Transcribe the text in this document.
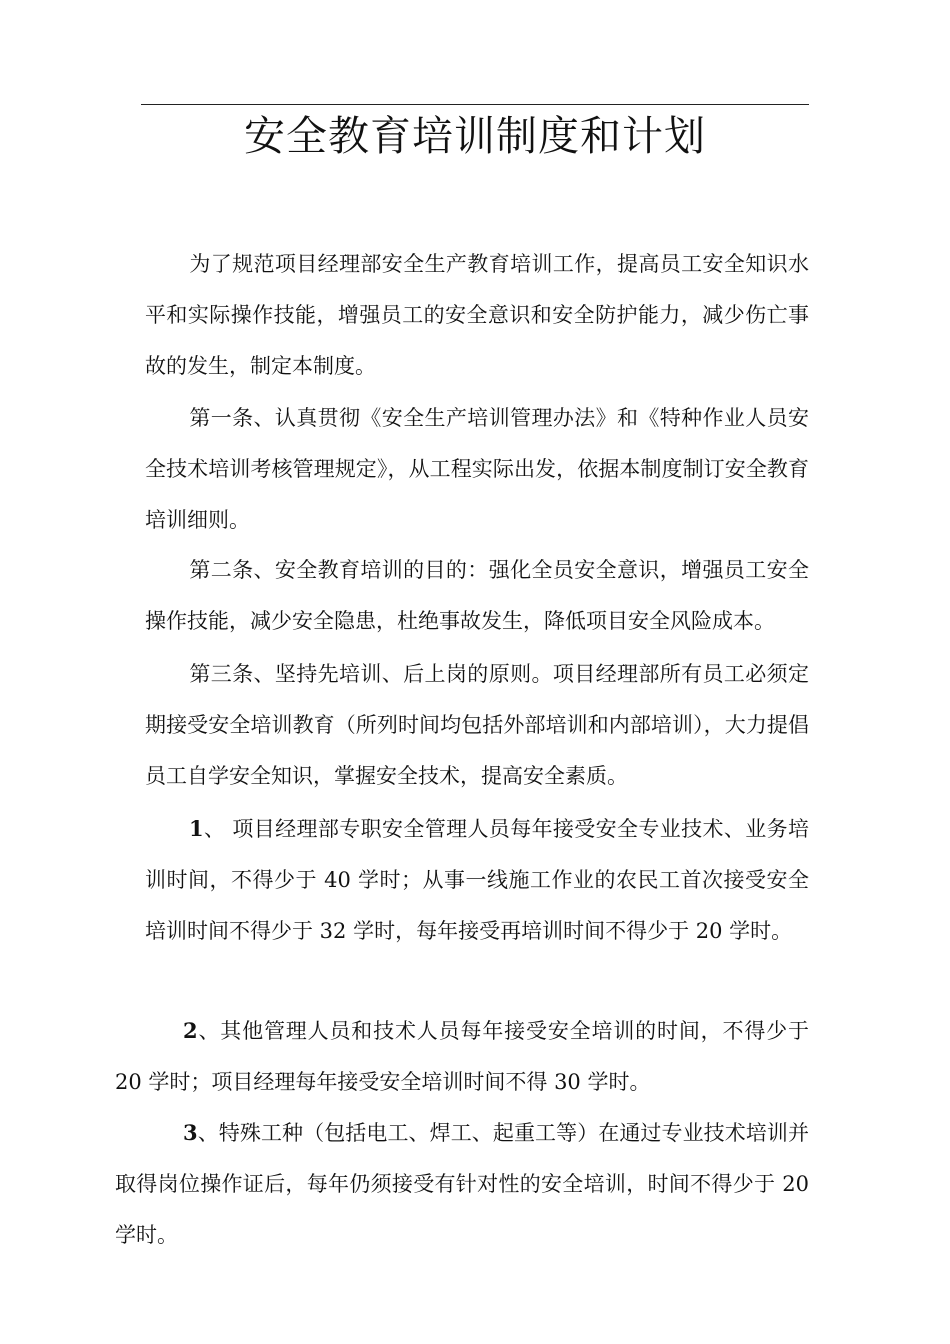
安全教育培训制度和计划

为了规范项目经理部安全生产教育培训工作，提高员工安全知识水平和实际操作技能，增强员工的安全意识和安全防护能力，减少伤亡事故的发生，制定本制度。

第一条、认真贯彻《安全生产培训管理办法》和《特种作业人员安全技术培训考核管理规定》，从工程实际出发，依据本制度制订安全教育培训细则。

第二条、安全教育培训的目的：强化全员安全意识，增强员工安全操作技能，减少安全隐患，杜绝事故发生，降低项目安全风险成本。

第三条、坚持先培训、后上岗的原则。项目经理部所有员工必须定期接受安全培训教育（所列时间均包括外部培训和内部培训），大力提倡员工自学安全知识，掌握安全技术，提高安全素质。

1、 项目经理部专职安全管理人员每年接受安全专业技术、业务培训时间，不得少于 40 学时；从事一线施工作业的农民工首次接受安全培训时间不得少于 32 学时，每年接受再培训时间不得少于 20 学时。

2、其他管理人员和技术人员每年接受安全培训的时间，不得少于 20 学时；项目经理每年接受安全培训时间不得 30 学时。

3、特殊工种（包括电工、焊工、起重工等）在通过专业技术培训并取得岗位操作证后，每年仍须接受有针对性的安全培训，时间不得少于 20 学时。
